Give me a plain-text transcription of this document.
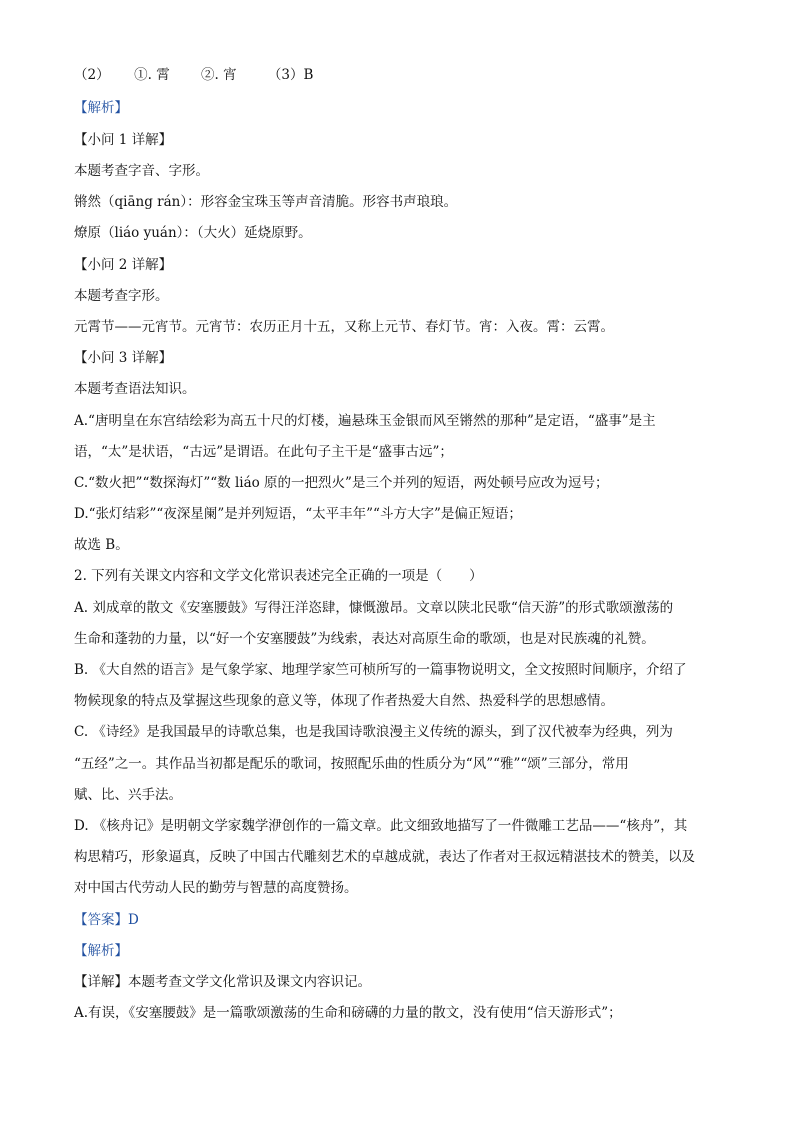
（2）　　 ①. 霄　　 ②. 宵　　 （3）B
【解析】
【小问 1 详解】
本题考查字音、字形。
锵然（qiāng rán）：形容金宝珠玉等声音清脆。形容书声琅琅。
燎原（liáo yuán）：（大火）延烧原野。
【小问 2 详解】
本题考查字形。
元霄节——元宵节。元宵节：农历正月十五，又称上元节、春灯节。宵：入夜。霄：云霄。
【小问 3 详解】
本题考查语法知识。
A.“唐明皇在东宫结绘彩为高五十尺的灯楼，遍悬珠玉金银而风至锵然的那种”是定语，“盛事”是主
语，“太”是状语，“古远”是谓语。在此句子主干是“盛事古远”；
C.“数火把”“数探海灯”“数 liáo 原的一把烈火”是三个并列的短语，两处顿号应改为逗号；
D.“张灯结彩”“夜深星阑”是并列短语，“太平丰年”“斗方大字”是偏正短语；
故选 B。
2. 下列有关课文内容和文学文化常识表述完全正确的一项是（　　）
A. 刘成章的散文《安塞腰鼓》写得汪洋恣肆，慷慨激昂。文章以陕北民歌“信天游”的形式歌颂激荡的
生命和蓬勃的力量，以“好一个安塞腰鼓”为线索，表达对高原生命的歌颂，也是对民族魂的礼赞。
B. 《大自然的语言》是气象学家、地理学家竺可桢所写的一篇事物说明文，全文按照时间顺序，介绍了
物候现象的特点及掌握这些现象的意义等，体现了作者热爱大自然、热爱科学的思想感情。
C. 《诗经》是我国最早的诗歌总集，也是我国诗歌浪漫主义传统的源头，到了汉代被奉为经典，列为
“五经”之一。其作品当初都是配乐的歌词，按照配乐曲的性质分为“风”“雅”“颂”三部分，常用
赋、比、兴手法。
D. 《核舟记》是明朝文学家魏学洢创作的一篇文章。此文细致地描写了一件微雕工艺品——“核舟”，其
构思精巧，形象逼真，反映了中国古代雕刻艺术的卓越成就，表达了作者对王叔远精湛技术的赞美，以及
对中国古代劳动人民的勤劳与智慧的高度赞扬。
【答案】D
【解析】
【详解】本题考查文学文化常识及课文内容识记。
A.有误，《安塞腰鼓》是一篇歌颂激荡的生命和磅礴的力量的散文，没有使用“信天游形式”；
